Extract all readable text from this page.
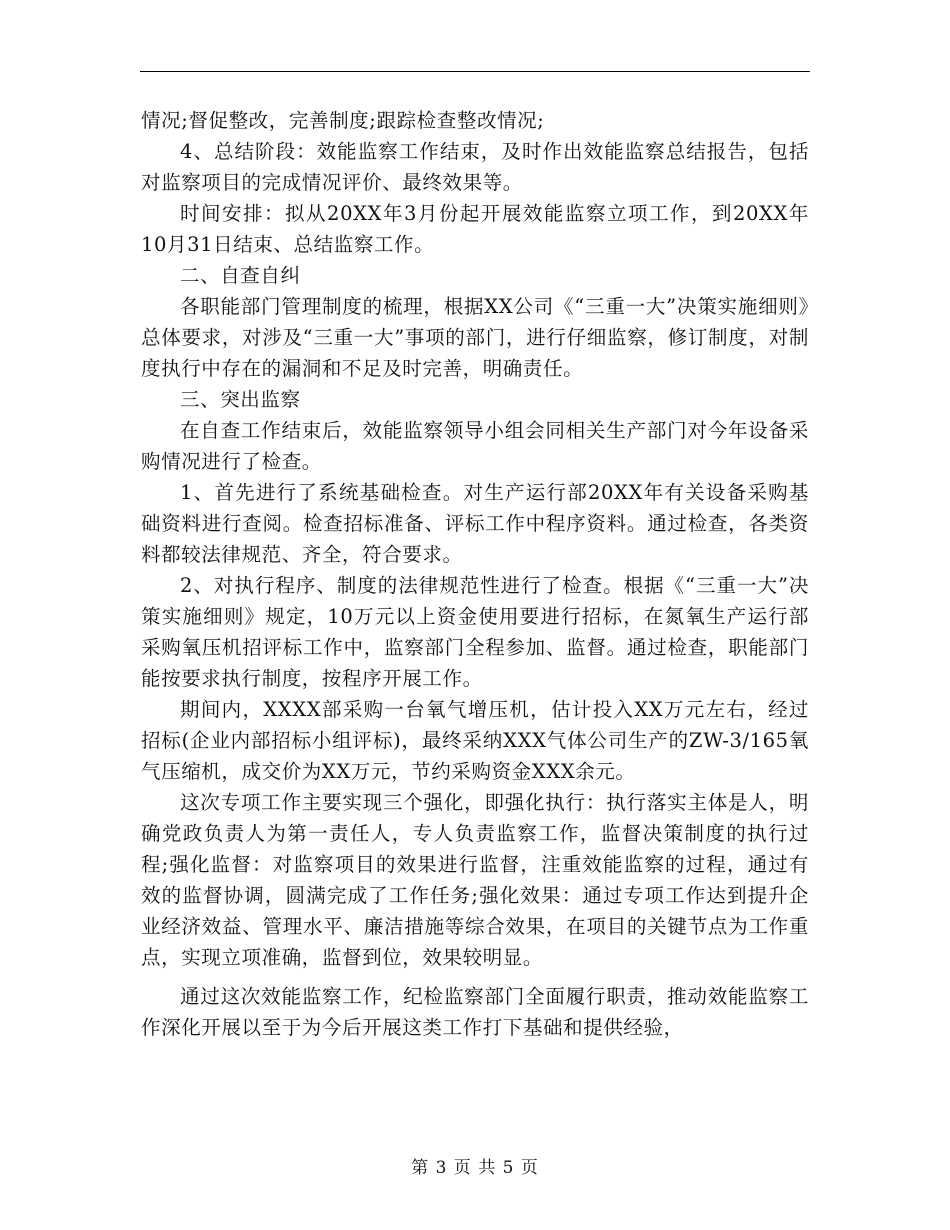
情况;督促整改，完善制度;跟踪检查整改情况;

4、总结阶段：效能监察工作结束，及时作出效能监察总结报告，包括对监察项目的完成情况评价、最终效果等。

时间安排：拟从20XX年3月份起开展效能监察立项工作，到20XX年10月31日结束、总结监察工作。

二、自查自纠

各职能部门管理制度的梳理，根据XX公司《“三重一大”决策实施细则》总体要求，对涉及“三重一大”事项的部门，进行仔细监察，修订制度，对制度执行中存在的漏洞和不足及时完善，明确责任。

三、突出监察

在自查工作结束后，效能监察领导小组会同相关生产部门对今年设备采购情况进行了检查。

1、首先进行了系统基础检查。对生产运行部20XX年有关设备采购基础资料进行查阅。检查招标准备、评标工作中程序资料。通过检查，各类资料都较法律规范、齐全，符合要求。

2、对执行程序、制度的法律规范性进行了检查。根据《“三重一大”决策实施细则》规定，10万元以上资金使用要进行招标，在氮氧生产运行部采购氧压机招评标工作中，监察部门全程参加、监督。通过检查，职能部门能按要求执行制度，按程序开展工作。

期间内，XXXX部采购一台氧气增压机，估计投入XX万元左右，经过招标(企业内部招标小组评标)，最终采纳XXX气体公司生产的ZW-3/165氧气压缩机，成交价为XX万元，节约采购资金XXX余元。

这次专项工作主要实现三个强化，即强化执行：执行落实主体是人，明确党政负责人为第一责任人，专人负责监察工作，监督决策制度的执行过程;强化监督：对监察项目的效果进行监督，注重效能监察的过程，通过有效的监督协调，圆满完成了工作任务;强化效果：通过专项工作达到提升企业经济效益、管理水平、廉洁措施等综合效果，在项目的关键节点为工作重点，实现立项准确，监督到位，效果较明显。

通过这次效能监察工作，纪检监察部门全面履行职责，推动效能监察工作深化开展以至于为今后开展这类工作打下基础和提供经验，

第 3 页 共 5 页
